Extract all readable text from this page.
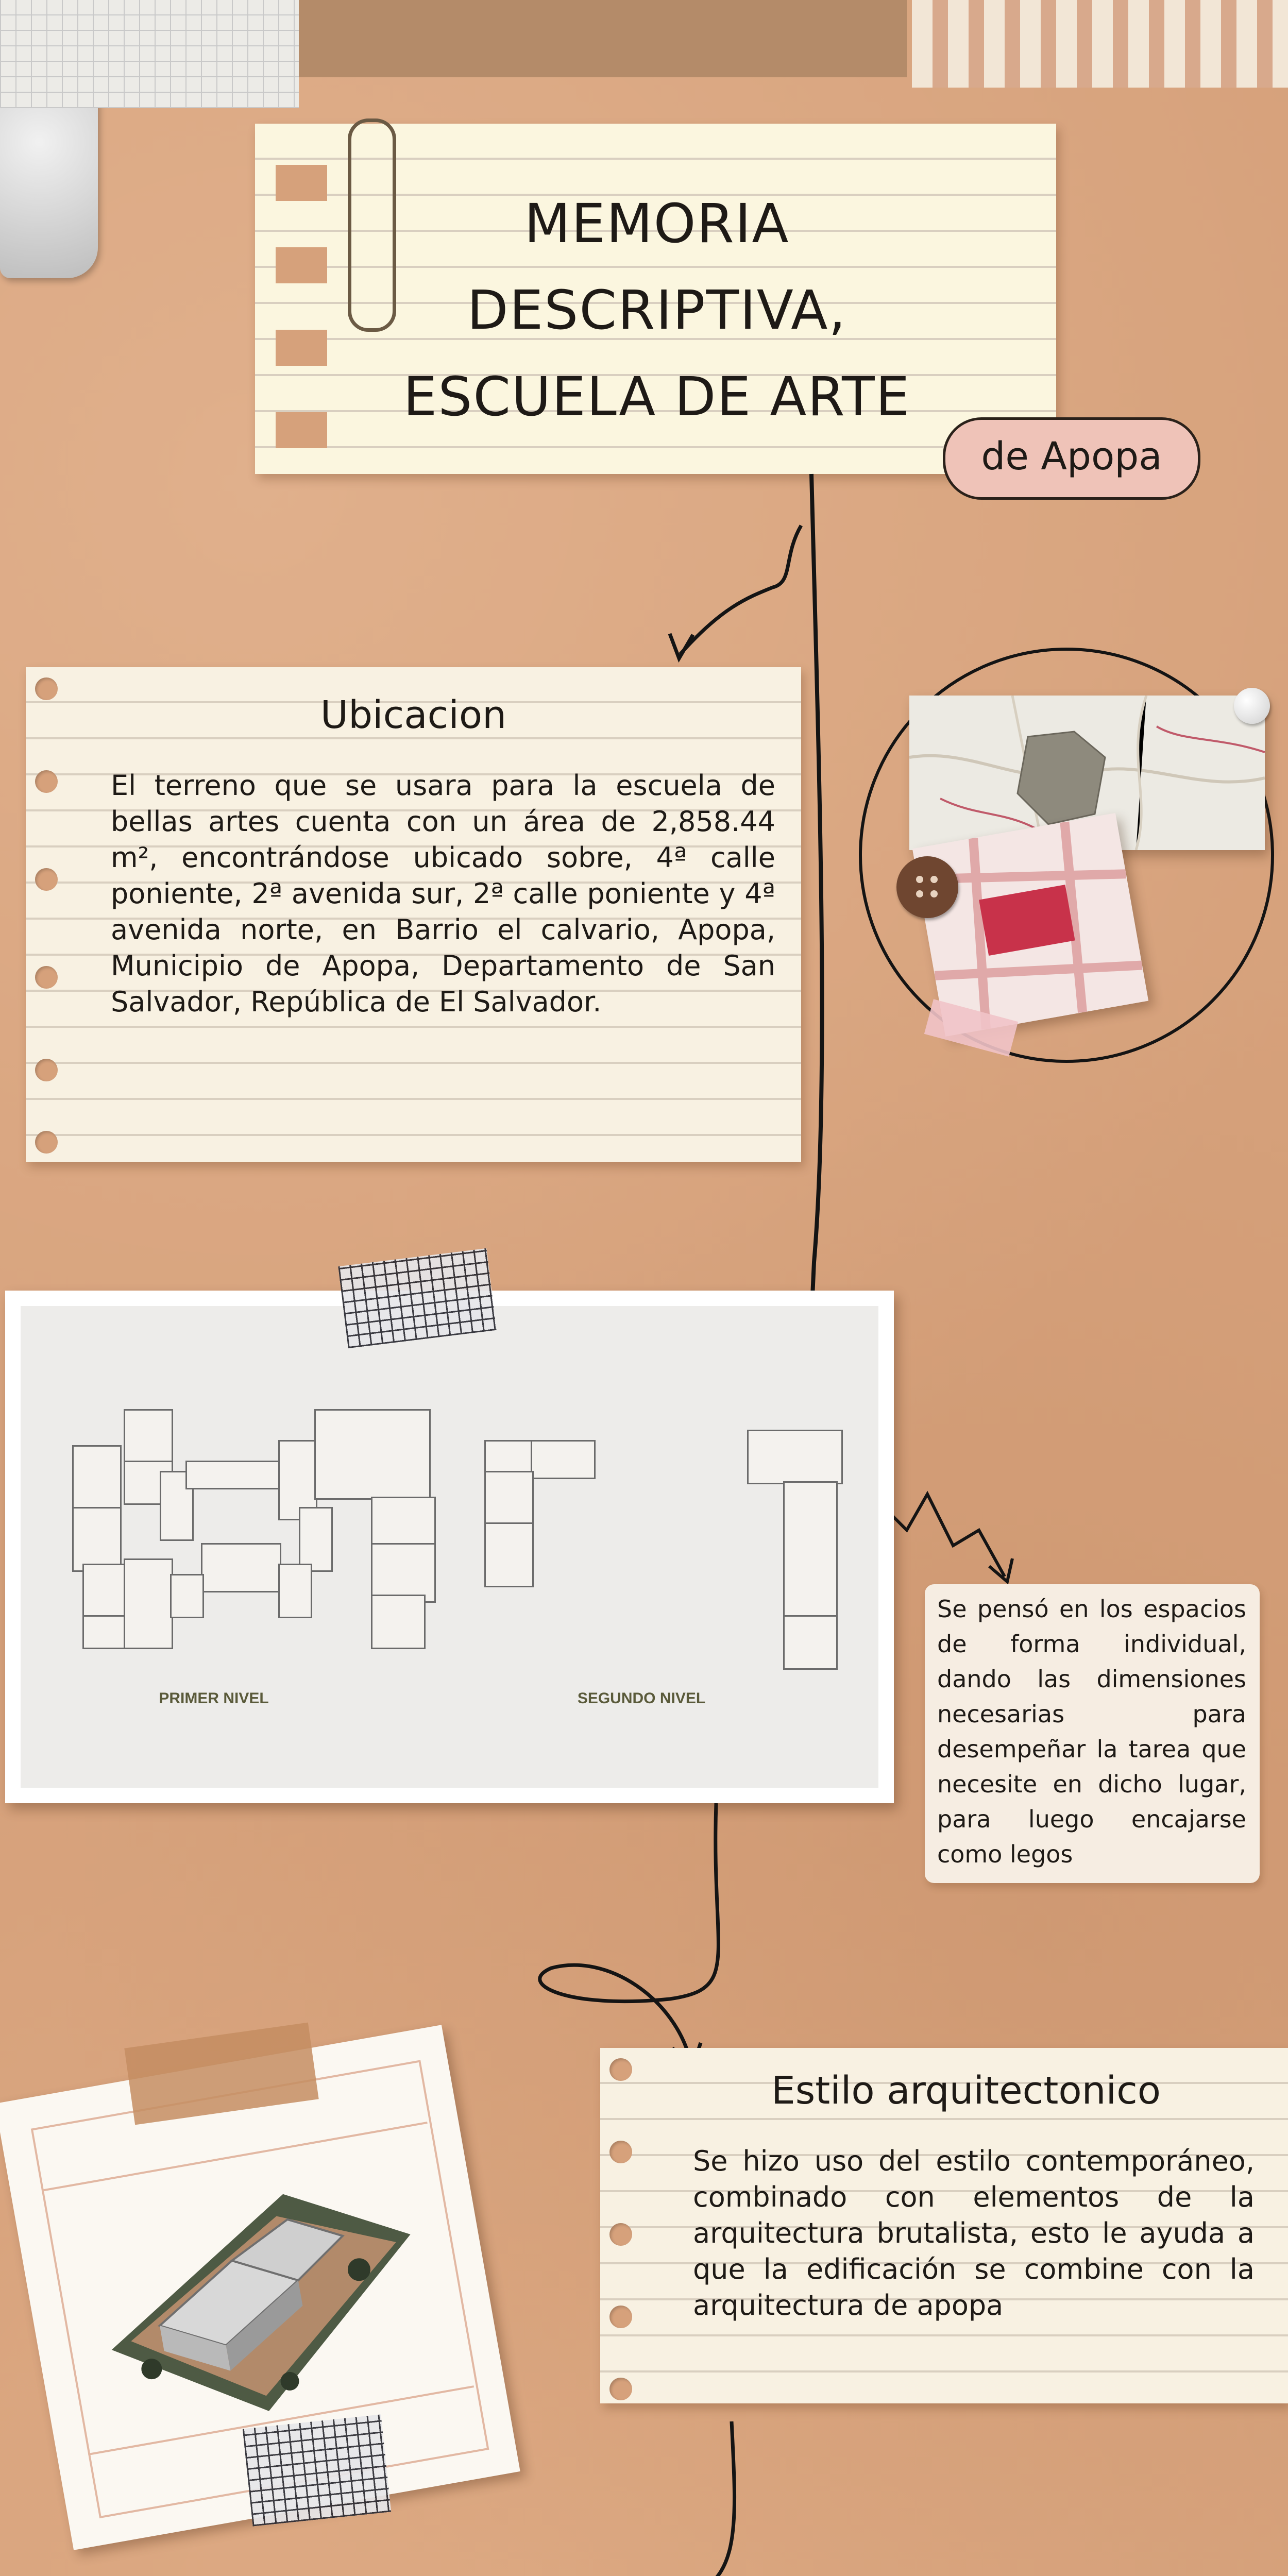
MEMORIA
DESCRIPTIVA,
ESCUELA DE ARTE
de Apopa
Ubicacion
El terreno que se usara para la escuela de bellas artes cuenta con un área de 2,858.44 m², encontrándose ubicado sobre, 4ª calle poniente, 2ª avenida sur, 2ª calle poniente y 4ª avenida norte, en Barrio el calvario, Apopa, Municipio de Apopa, Departamento de San Salvador, República de El Salvador.
PRIMER NIVEL	SEGUNDO NIVEL
Se pensó en los espacios de forma individual, dando las dimensiones necesarias para desempeñar la tarea que necesite en dicho lugar, para luego encajarse como legos
Estilo arquitectonico
Se hizo uso del estilo contemporáneo, combinado con elementos de la arquitectura brutalista, esto le ayuda a que la edificación se combine con la arquitectura de apopa
